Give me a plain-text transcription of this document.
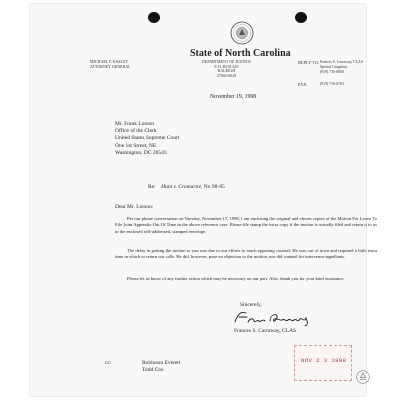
State of North Carolina
MICHAEL F. EASLEY
ATTORNEY GENERAL
DEPARTMENT OF JUSTICE
P. O. BOX 629
RALEIGH
27602-0629
REPLY TO: Frances S. Carraway, CLAS
Special Litigation
(919) 716-6900
FAX:	(919) 716-6763
November 19, 1998
Mr. Frank Lorson
Office of the Clerk
United States Supreme Court
One 1st Street, NE
Washington, DC 20543
Re: Hunt v. Cromartie, No 98-85
Dear Mr. Lorson:

Per our phone conversation on Tuesday, November 17, 1998, I am enclosing the original and eleven copies of the Motion For Leave To File Joint Appendix Out Of Time in the above reference case. Please file stamp the extra copy if the motion is actually filed and return it to us in the enclosed self-addressed, stamped envelope.

The delay in getting the motion to you was due to our efforts to reach opposing counsel. He was out of town and required a little extra time in which to return our calls. He did, however, pose no objection to the motion, nor did counsel for intervenor-appellants.

Please let us know of any further action which may be necessary on our part. Also, thank you for your kind assistance.

Sincerely,
Frances S. Carraway, CLAS
cc:	Robinson Everett
Todd Cox
NOV 2 3 1998
